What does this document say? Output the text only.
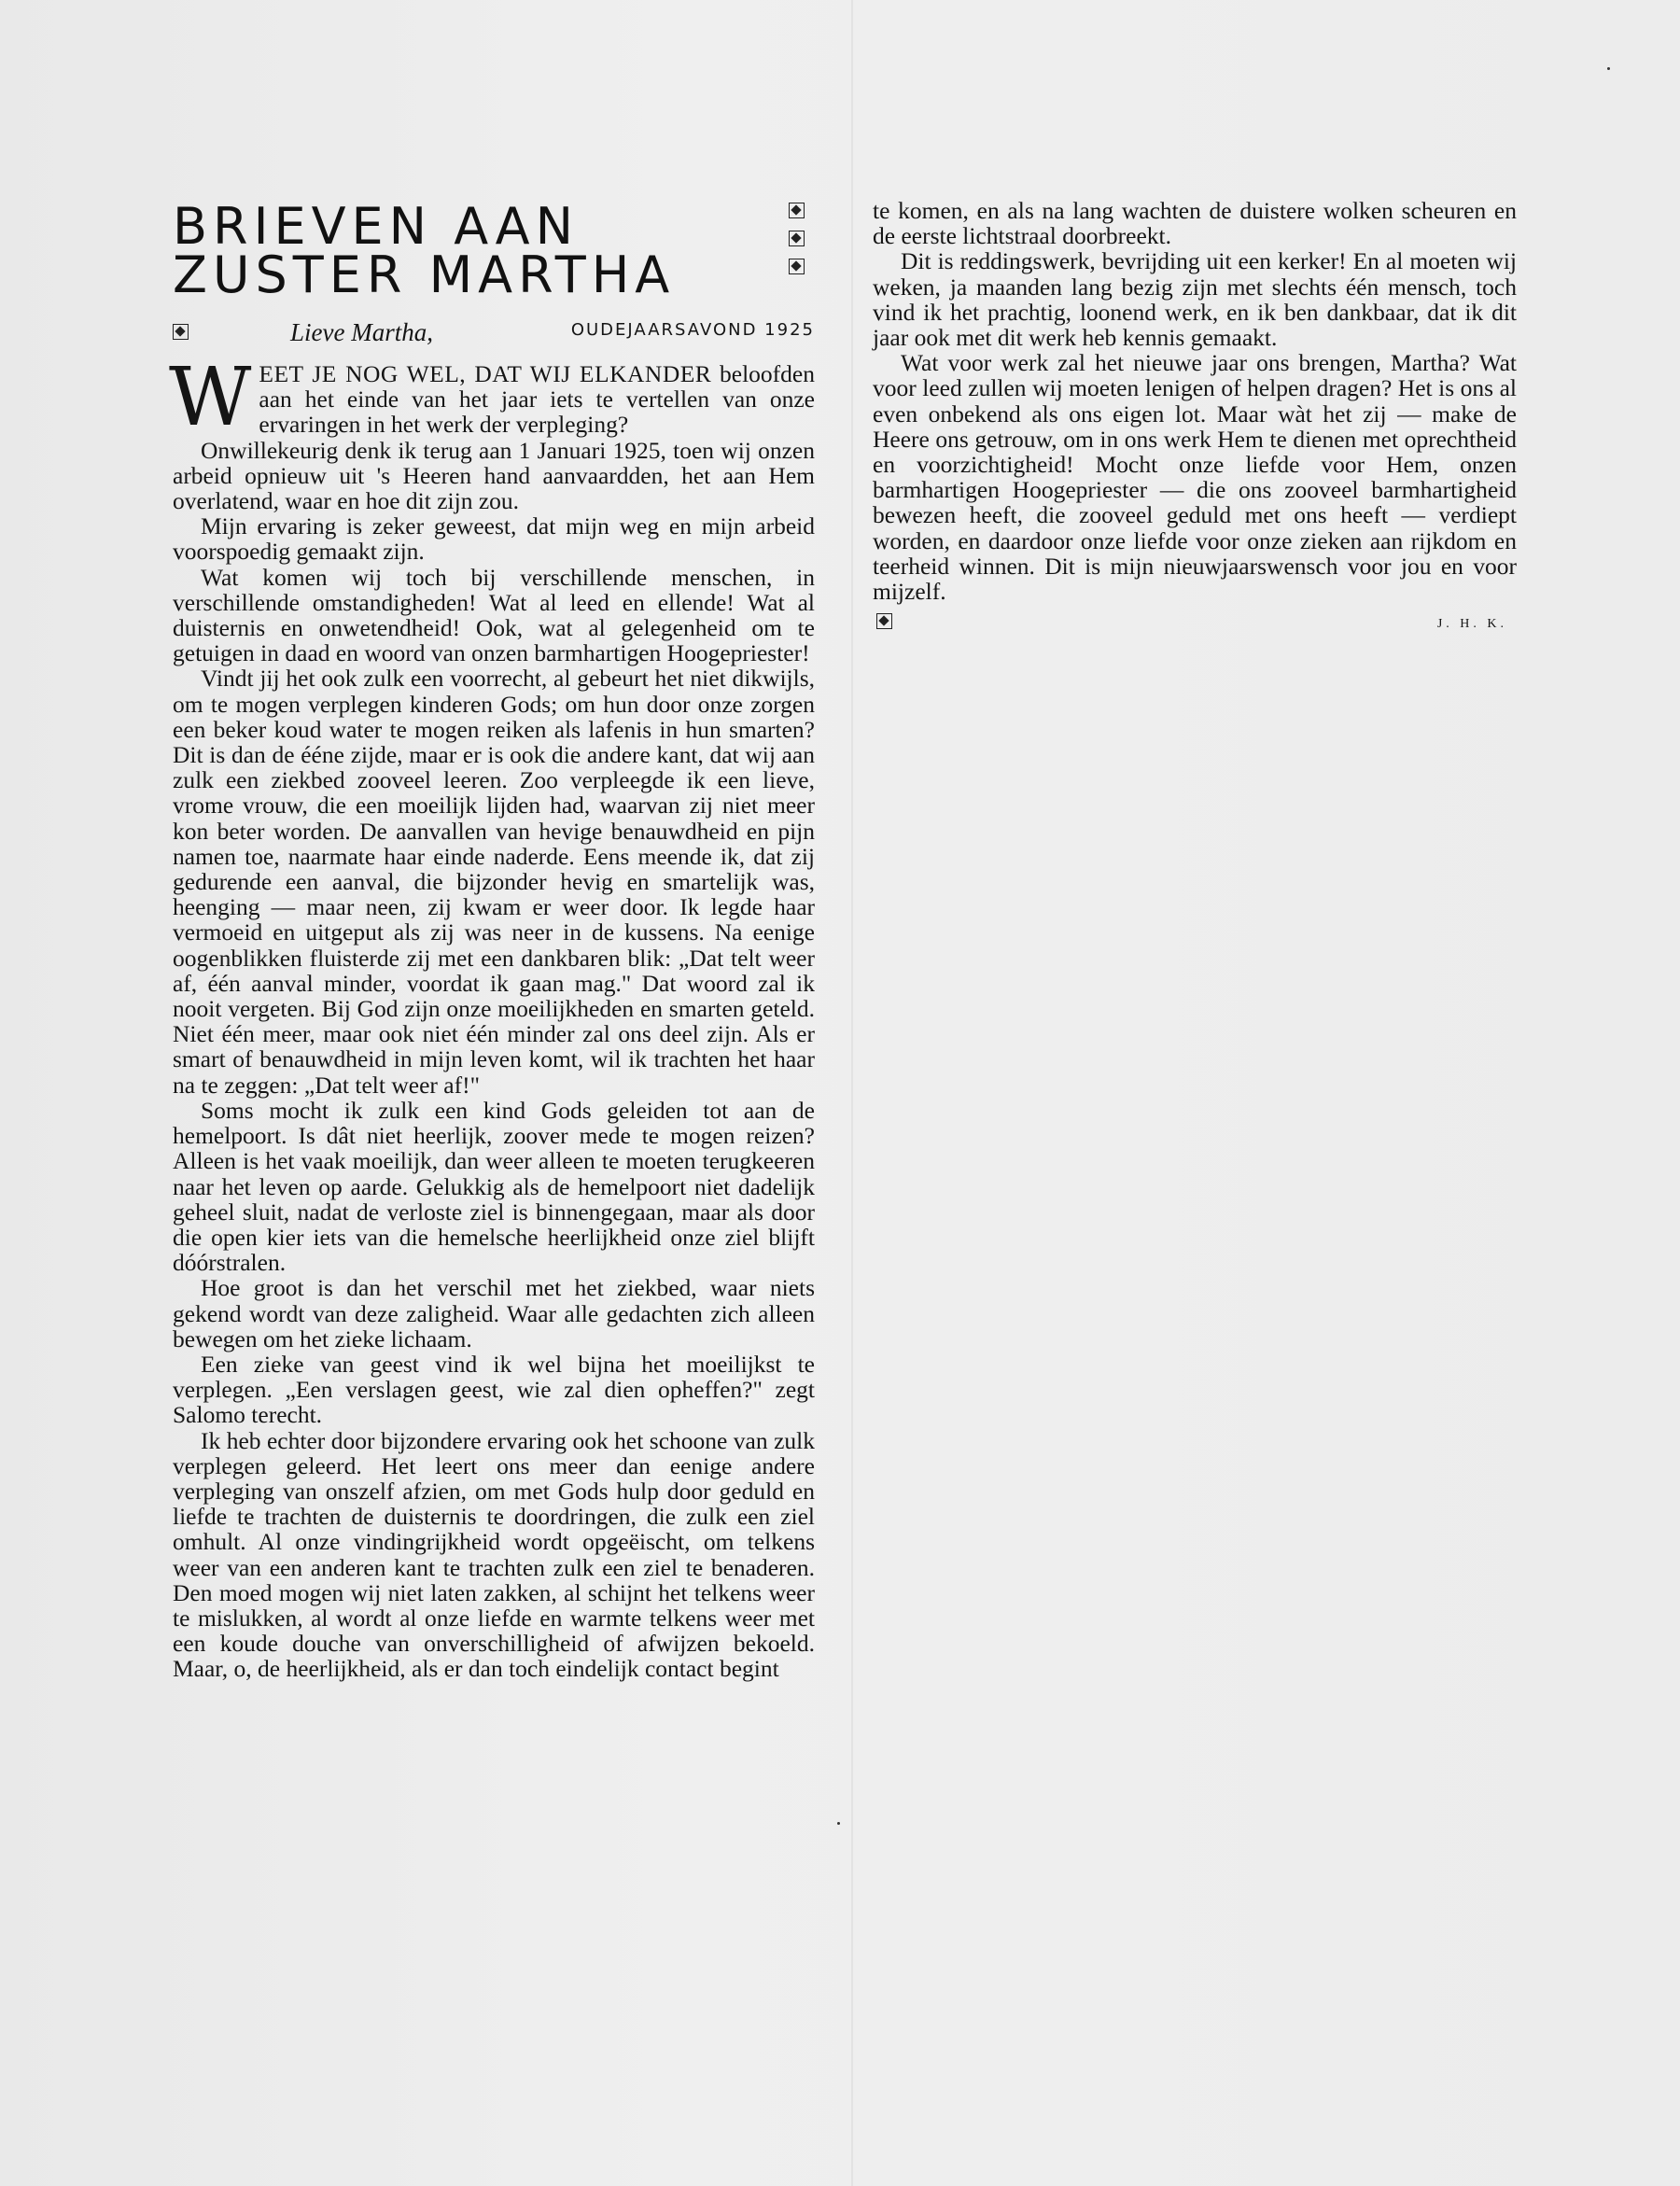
BRIEVEN AAN
ZUSTER MARTHA
Lieve Martha,	OUDEJAARSAVOND 1925

WEET JE NOG WEL, DAT WIJ ELKANDER beloofden aan het einde van het jaar iets te vertellen van onze ervaringen in het werk der verpleging?

Onwillekeurig denk ik terug aan 1 Januari 1925, toen wij onzen arbeid opnieuw uit 's Heeren hand aanvaardden, het aan Hem overlatend, waar en hoe dit zijn zou.

Mijn ervaring is zeker geweest, dat mijn weg en mijn arbeid voorspoedig gemaakt zijn.

Wat komen wij toch bij verschillende menschen, in verschillende omstandigheden! Wat al leed en ellende! Wat al duisternis en onwetendheid! Ook, wat al gelegenheid om te getuigen in daad en woord van onzen barmhartigen Hoogepriester!

Vindt jij het ook zulk een voorrecht, al gebeurt het niet dikwijls, om te mogen verplegen kinderen Gods; om hun door onze zorgen een beker koud water te mogen reiken als lafenis in hun smarten? Dit is dan de ééne zijde, maar er is ook die andere kant, dat wij aan zulk een ziekbed zooveel leeren. Zoo verpleegde ik een lieve, vrome vrouw, die een moeilijk lijden had, waarvan zij niet meer kon beter worden. De aanvallen van hevige benauwdheid en pijn namen toe, naarmate haar einde naderde. Eens meende ik, dat zij gedurende een aanval, die bijzonder hevig en smartelijk was, heenging — maar neen, zij kwam er weer door. Ik legde haar vermoeid en uitgeput als zij was neer in de kussens. Na eenige oogenblikken fluisterde zij met een dankbaren blik: „Dat telt weer af, één aanval minder, voordat ik gaan mag." Dat woord zal ik nooit vergeten. Bij God zijn onze moeilijkheden en smarten geteld. Niet één meer, maar ook niet één minder zal ons deel zijn. Als er smart of benauwdheid in mijn leven komt, wil ik trachten het haar na te zeggen: „Dat telt weer af!"

Soms mocht ik zulk een kind Gods geleiden tot aan de hemelpoort. Is dât niet heerlijk, zoover mede te mogen reizen? Alleen is het vaak moeilijk, dan weer alleen te moeten terugkeeren naar het leven op aarde. Gelukkig als de hemelpoort niet dadelijk geheel sluit, nadat de verloste ziel is binnengegaan, maar als door die open kier iets van die hemelsche heerlijkheid onze ziel blijft dóórstralen.

Hoe groot is dan het verschil met het ziekbed, waar niets gekend wordt van deze zaligheid. Waar alle gedachten zich alleen bewegen om het zieke lichaam.

Een zieke van geest vind ik wel bijna het moeilijkst te verplegen. „Een verslagen geest, wie zal dien opheffen?" zegt Salomo terecht.

Ik heb echter door bijzondere ervaring ook het schoone van zulk verplegen geleerd. Het leert ons meer dan eenige andere verpleging van onszelf afzien, om met Gods hulp door geduld en liefde te trachten de duisternis te doordringen, die zulk een ziel omhult. Al onze vindingrijkheid wordt opgeëischt, om telkens weer van een anderen kant te trachten zulk een ziel te benaderen. Den moed mogen wij niet laten zakken, al schijnt het telkens weer te mislukken, al wordt al onze liefde en warmte telkens weer met een koude douche van onverschilligheid of afwijzen bekoeld. Maar, o, de heerlijkheid, als er dan toch eindelijk contact begint

te komen, en als na lang wachten de duistere wolken scheuren en de eerste lichtstraal doorbreekt.

Dit is reddingswerk, bevrijding uit een kerker! En al moeten wij weken, ja maanden lang bezig zijn met slechts één mensch, toch vind ik het prachtig, loonend werk, en ik ben dankbaar, dat ik dit jaar ook met dit werk heb kennis gemaakt.

Wat voor werk zal het nieuwe jaar ons brengen, Martha? Wat voor leed zullen wij moeten lenigen of helpen dragen? Het is ons al even onbekend als ons eigen lot. Maar wàt het zij — make de Heere ons getrouw, om in ons werk Hem te dienen met oprechtheid en voorzichtigheid! Mocht onze liefde voor Hem, onzen barmhartigen Hoogepriester — die ons zooveel barmhartigheid bewezen heeft, die zooveel geduld met ons heeft — verdiept worden, en daardoor onze liefde voor onze zieken aan rijkdom en teerheid winnen. Dit is mijn nieuwjaarswensch voor jou en voor mijzelf.

J. H. K.
